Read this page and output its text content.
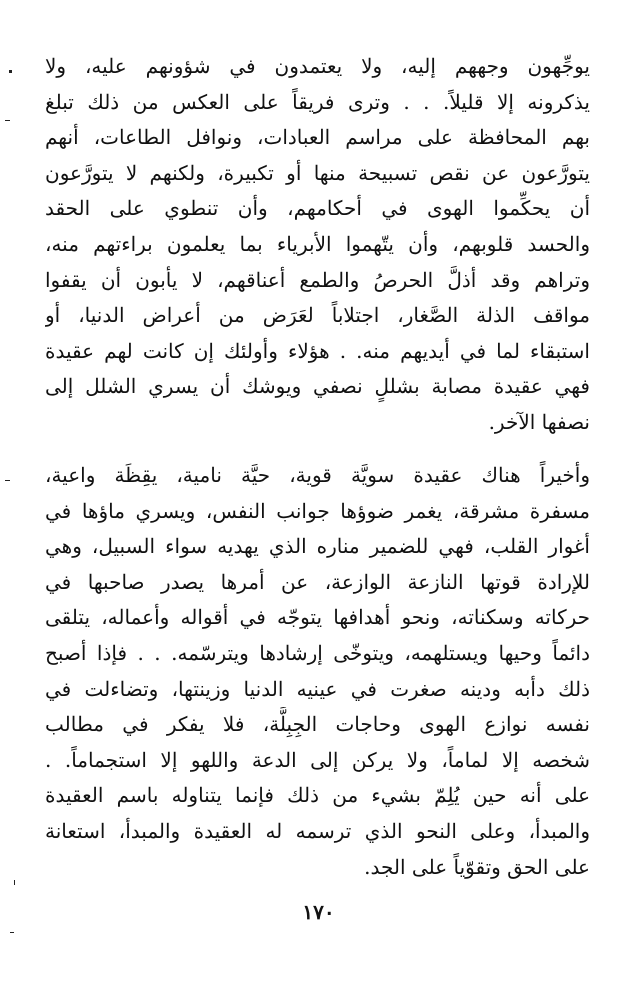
يوجِّهون وجههم إليه، ولا يعتمدون في شؤونهم عليه، ولا
يذكرونه إلا قليلاً. . . وترى فريقاً على العكس من ذلك تبلغ
بهم المحافظة على مراسم العبادات، ونوافل الطاعات، أنهم
يتورَّعون عن نقص تسبيحة منها أو تكبيرة، ولكنهم لا يتورَّعون
أن يحكِّموا الهوى في أحكامهم، وأن تنطوي على الحقد
والحسد قلوبهم، وأن يتّهموا الأبرياء بما يعلمون براءتهم منه،
وتراهم وقد أذلَّ الحرصُ والطمع أعناقهم، لا يأبون أن يقفوا
مواقف الذلة الصَّغار، اجتلاباً لعَرَض من أعراض الدنيا، أو
استبقاء لما في أيديهم منه. . هؤلاء وأولئك إن كانت لهم عقيدة
فهي عقيدة مصابة بشللٍ نصفي ويوشك أن يسري الشلل إلى
نصفها الآخر.
وأخيراً هناك عقيدة سويَّة قوية، حيَّة نامية، يقِظَة واعية،
مسفرة مشرقة، يغمر ضوؤها جوانب النفس، ويسري ماؤها في
أغوار القلب، فهي للضمير مناره الذي يهديه سواء السبيل، وهي
للإرادة قوتها النازعة الوازعة، عن أمرها يصدر صاحبها في
حركاته وسكناته، ونحو أهدافها يتوجّه في أقواله وأعماله، يتلقى
دائماً وحيها ويستلهمه، ويتوخّى إرشادها ويترسّمه. . . فإذا أصبح
ذلك دأبه ودينه صغرت في عينيه الدنيا وزينتها، وتضاءلت في
نفسه نوازع الهوى وحاجات الجِبِلَّة، فلا يفكر في مطالب
شخصه إلا لماماً، ولا يركن إلى الدعة واللهو إلا استجماماً. .
على أنه حين يُلِمّ بشيء من ذلك فإنما يتناوله باسم العقيدة
والمبدأ، وعلى النحو الذي ترسمه له العقيدة والمبدأ، استعانة
على الحق وتقوّياً على الجد.
١٧٠
